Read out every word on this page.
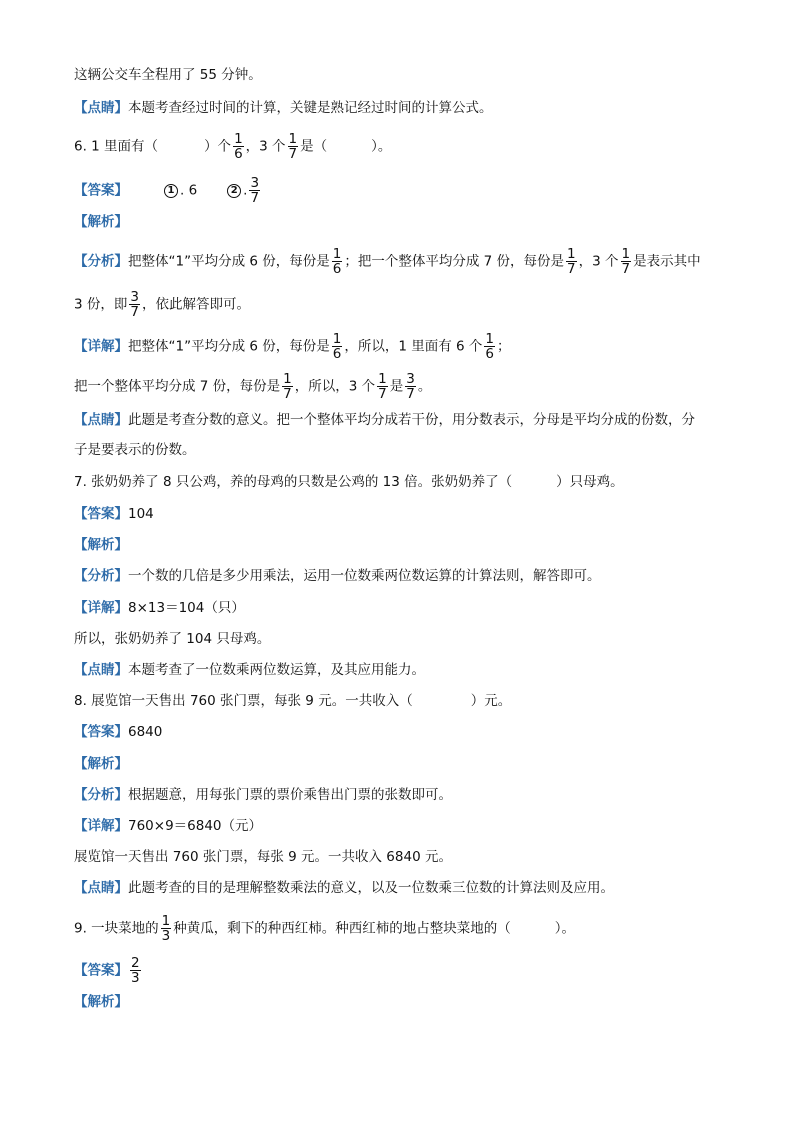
这辆公交车全程用了 55 分钟。
【点睛】本题考查经过时间的计算，关键是熟记经过时间的计算公式。
6. 1 里面有（	）个 $\frac{1}{6}$ ，3 个 $\frac{1}{7}$ 是（	）。
【答案】	1 . 6	2 . $\frac{3}{7}$
【解析】
【分析】把整体“1”平均分成 6 份，每份是 $\frac{1}{6}$ ；把一个整体平均分成 7 份，每份是 $\frac{1}{7}$ ，3 个 $\frac{1}{7}$ 是表示其中
3 份，即 $\frac{3}{7}$ ，依此解答即可。
【详解】把整体“1”平均分成 6 份，每份是 $\frac{1}{6}$ ，所以，1 里面有 6 个 $\frac{1}{6}$ ；
把一个整体平均分成 7 份，每份是 $\frac{1}{7}$ ，所以，3 个 $\frac{1}{7}$ 是 $\frac{3}{7}$ 。
【点睛】此题是考查分数的意义。把一个整体平均分成若干份，用分数表示，分母是平均分成的份数，分
子是要表示的份数。
7. 张奶奶养了 8 只公鸡，养的母鸡的只数是公鸡的 13 倍。张奶奶养了（	）只母鸡。
【答案】104
【解析】
【分析】一个数的几倍是多少用乘法，运用一位数乘两位数运算的计算法则，解答即可。
【详解】8×13＝104（只）
所以，张奶奶养了 104 只母鸡。
【点睛】本题考查了一位数乘两位数运算，及其应用能力。
8. 展览馆一天售出 760 张门票，每张 9 元。一共收入（	）元。
【答案】6840
【解析】
【分析】根据题意，用每张门票的票价乘售出门票的张数即可。
【详解】760×9＝6840（元）
展览馆一天售出 760 张门票，每张 9 元。一共收入 6840 元。
【点睛】此题考查的目的是理解整数乘法的意义，以及一位数乘三位数的计算法则及应用。
9. 一块菜地的 $\frac{1}{3}$ 种黄瓜，剩下的种西红柿。种西红柿的地占整块菜地的（	）。
【答案】 $\frac{2}{3}$
【解析】
